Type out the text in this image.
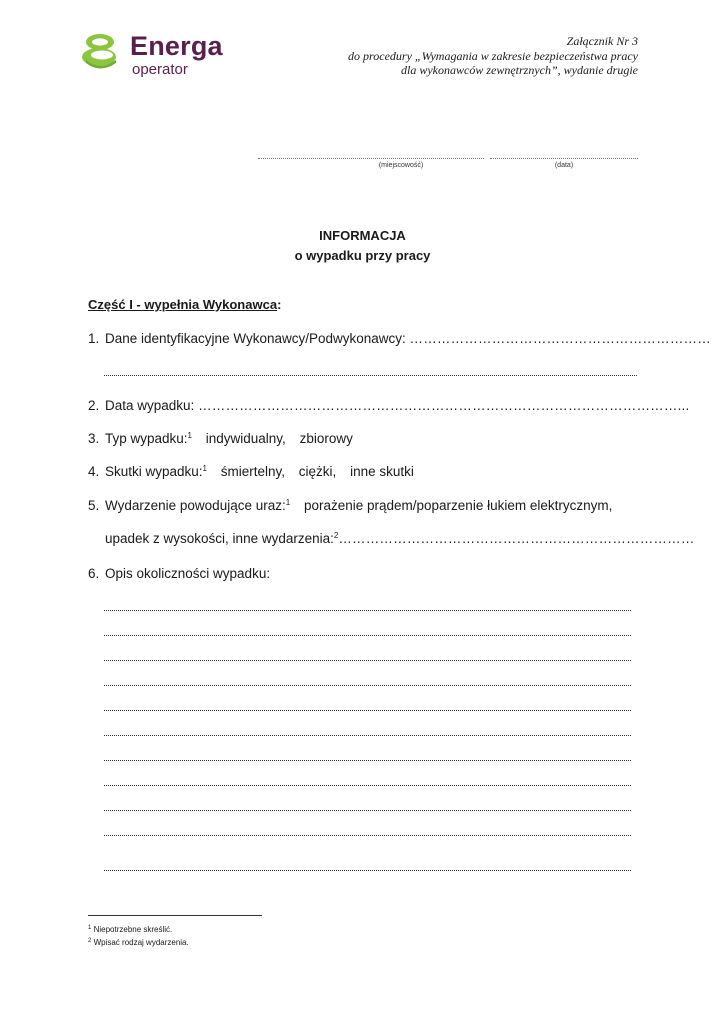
Energa
operator
Załącznik Nr 3
do procedury „Wymagania w zakresie bezpieczeństwa pracy
dla wykonawców zewnętrznych”, wydanie drugie
(miejscowość)	(data)
INFORMACJA
o wypadku przy pracy
Część I - wypełnia Wykonawca:
1. Dane identyfikacyjne Wykonawcy/Podwykonawcy: …………………………………………………………
2. Data wypadku: ……………………………………………………………………………………………...
3. Typ wypadku:$^1$ indywidualny, zbiorowy
4. Skutki wypadku:$^1$ śmiertelny, ciężki, inne skutki
5. Wydarzenie powodujące uraz:$^1$ porażenie prądem/poparzenie łukiem elektrycznym,
upadek z wysokości, inne wydarzenia:$^2$……………………………………………………………………
6. Opis okoliczności wypadku:
$^1$ Niepotrzebne skreślić.
$^2$ Wpisać rodzaj wydarzenia.
